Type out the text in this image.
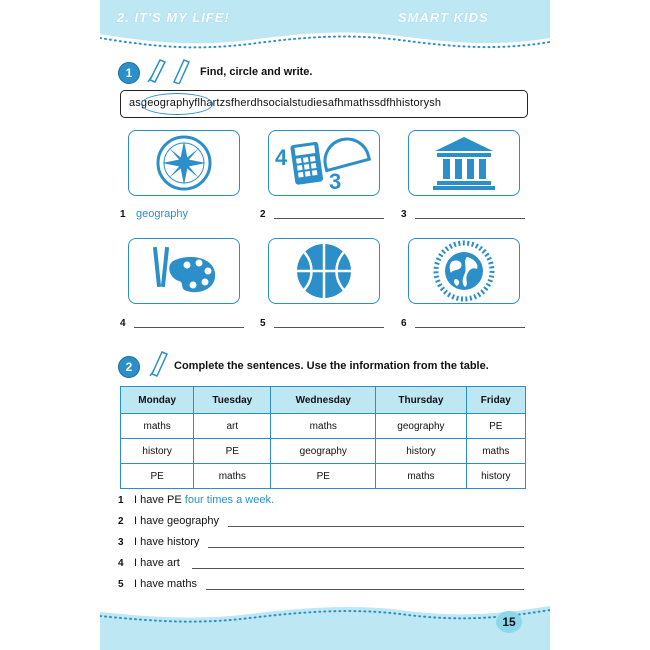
2. IT'S MY LIFE!	SMART KIDS
1	Find, circle and write.
asgeographyflhartzsfherdhsocialstudiesafhmathssdfhhistorysh
4
3
1 geography	2	3
4	5	6
2	Complete the sentences. Use the information from the table.
Monday	Tuesday	Wednesday	Thursday	Friday
maths	art	maths	geography	PE
history	PE	geography	history	maths
PE	maths	PE	maths	history
1 I have PE four times a week.
2 I have geography
3 I have history
4 I have art
5 I have maths
15
